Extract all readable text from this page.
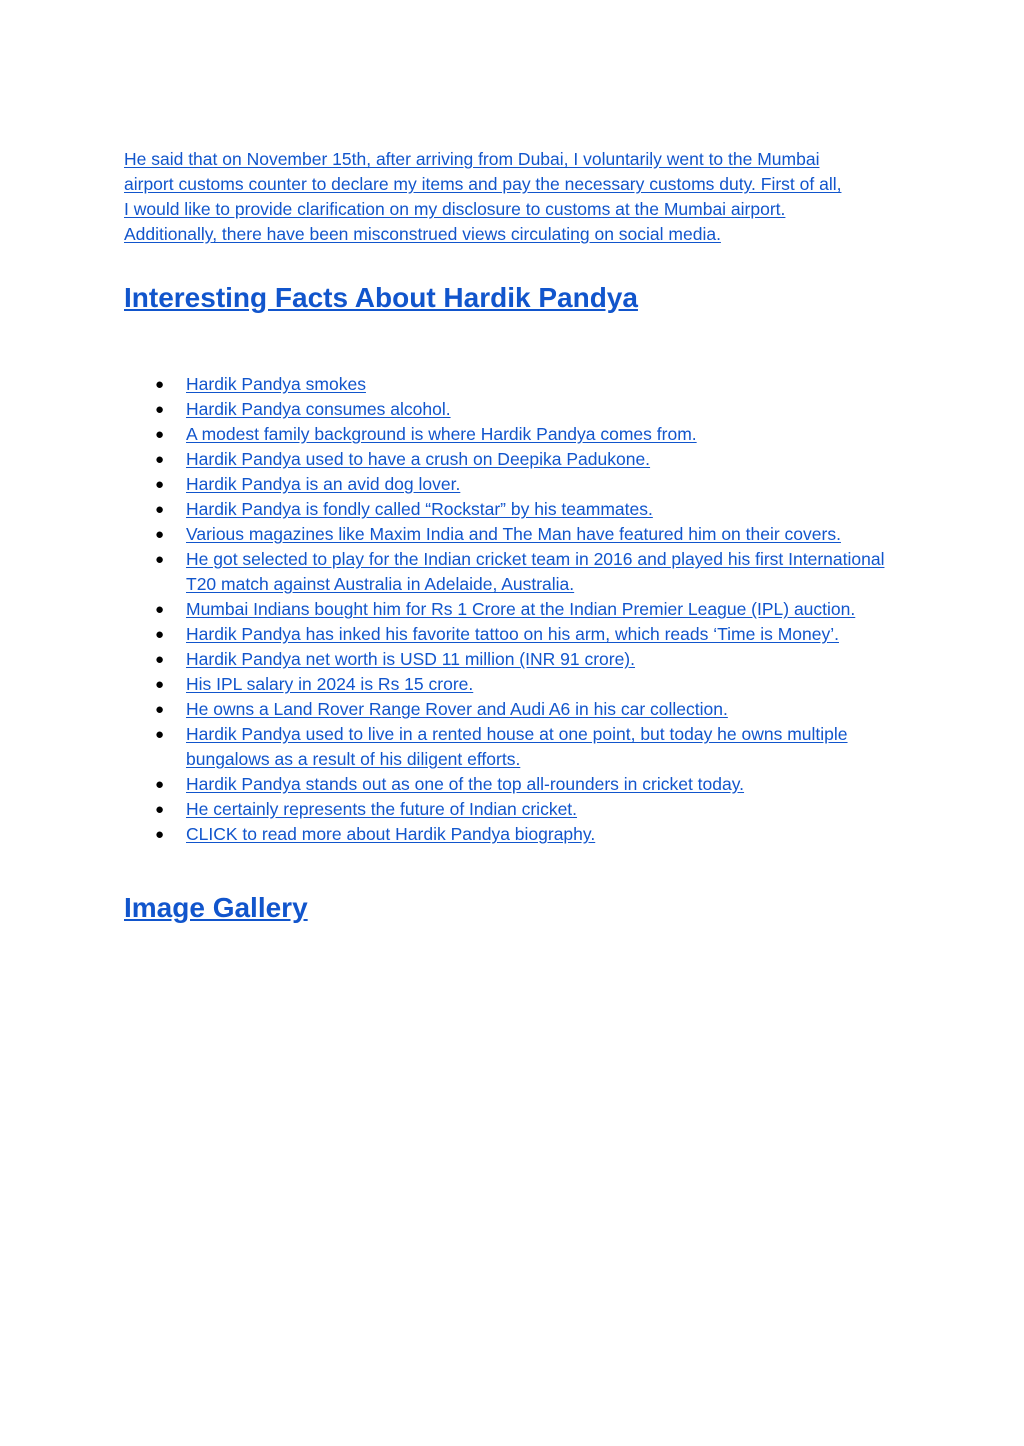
He said that on November 15th, after arriving from Dubai, I voluntarily went to the Mumbai
airport customs counter to declare my items and pay the necessary customs duty. First of all,
I would like to provide clarification on my disclosure to customs at the Mumbai airport.
Additionally, there have been misconstrued views circulating on social media.

Interesting Facts About Hardik Pandya
● Hardik Pandya smokes
● Hardik Pandya consumes alcohol.
● A modest family background is where Hardik Pandya comes from.
● Hardik Pandya used to have a crush on Deepika Padukone.
● Hardik Pandya is an avid dog lover.
● Hardik Pandya is fondly called “Rockstar” by his teammates.
● Various magazines like Maxim India and The Man have featured him on their covers.
● He got selected to play for the Indian cricket team in 2016 and played his first International T20 match against Australia in Adelaide, Australia.
● Mumbai Indians bought him for Rs 1 Crore at the Indian Premier League (IPL) auction.
● Hardik Pandya has inked his favorite tattoo on his arm, which reads ‘Time is Money’.
● Hardik Pandya net worth is USD 11 million (INR 91 crore).
● His IPL salary in 2024 is Rs 15 crore.
● He owns a Land Rover Range Rover and Audi A6 in his car collection.
● Hardik Pandya used to live in a rented house at one point, but today he owns multiple bungalows as a result of his diligent efforts.
● Hardik Pandya stands out as one of the top all-rounders in cricket today.
● He certainly represents the future of Indian cricket.
● CLICK to read more about Hardik Pandya biography.
Image Gallery
